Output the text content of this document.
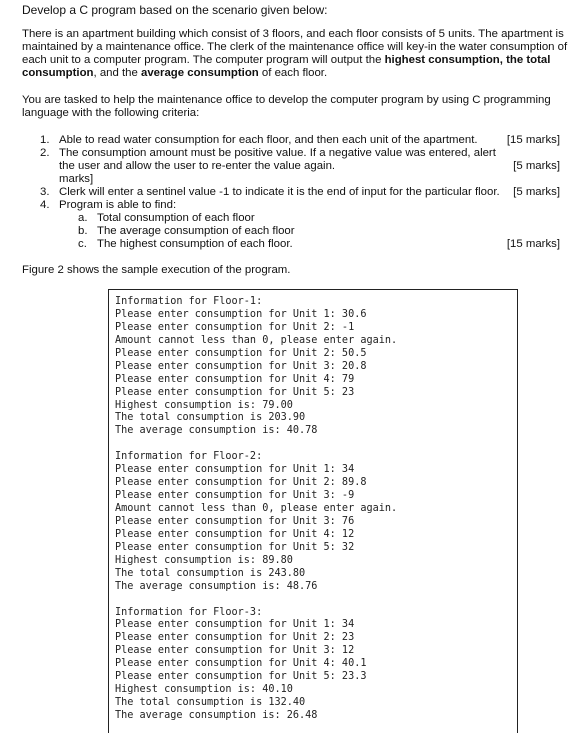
Develop a C program based on the scenario given below:
There is an apartment building which consist of 3 floors, and each floor consists of 5 units. The apartment is maintained by a maintenance office. The clerk of the maintenance office will key-in the water consumption of each unit to a computer program. The computer program will output the highest consumption, the total consumption, and the average consumption of each floor.
You are tasked to help the maintenance office to develop the computer program by using C programming language with the following criteria:
1. Able to read water consumption for each floor, and then each unit of the apartment.	[15 marks]
2. The consumption amount must be positive value. If a negative value was entered, alert the user and allow the user to re-enter the value again.	[5 marks]
marks]
3. Clerk will enter a sentinel value -1 to indicate it is the end of input for the particular floor.	[5 marks]
4. Program is able to find:
a. Total consumption of each floor
b. The average consumption of each floor
c. The highest consumption of each floor.	[15 marks]
Figure 2 shows the sample execution of the program.
Information for Floor-1:
Please enter consumption for Unit 1: 30.6
Please enter consumption for Unit 2: -1
Amount cannot less than 0, please enter again.
Please enter consumption for Unit 2: 50.5
Please enter consumption for Unit 3: 20.8
Please enter consumption for Unit 4: 79
Please enter consumption for Unit 5: 23
Highest consumption is: 79.00
The total consumption is 203.90
The average consumption is: 40.78
Information for Floor-2:
Please enter consumption for Unit 1: 34
Please enter consumption for Unit 2: 89.8
Please enter consumption for Unit 3: -9
Amount cannot less than 0, please enter again.
Please enter consumption for Unit 3: 76
Please enter consumption for Unit 4: 12
Please enter consumption for Unit 5: 32
Highest consumption is: 89.80
The total consumption is 243.80
The average consumption is: 48.76
Information for Floor-3:
Please enter consumption for Unit 1: 34
Please enter consumption for Unit 2: 23
Please enter consumption for Unit 3: 12
Please enter consumption for Unit 4: 40.1
Please enter consumption for Unit 5: 23.3
Highest consumption is: 40.10
The total consumption is 132.40
The average consumption is: 26.48
